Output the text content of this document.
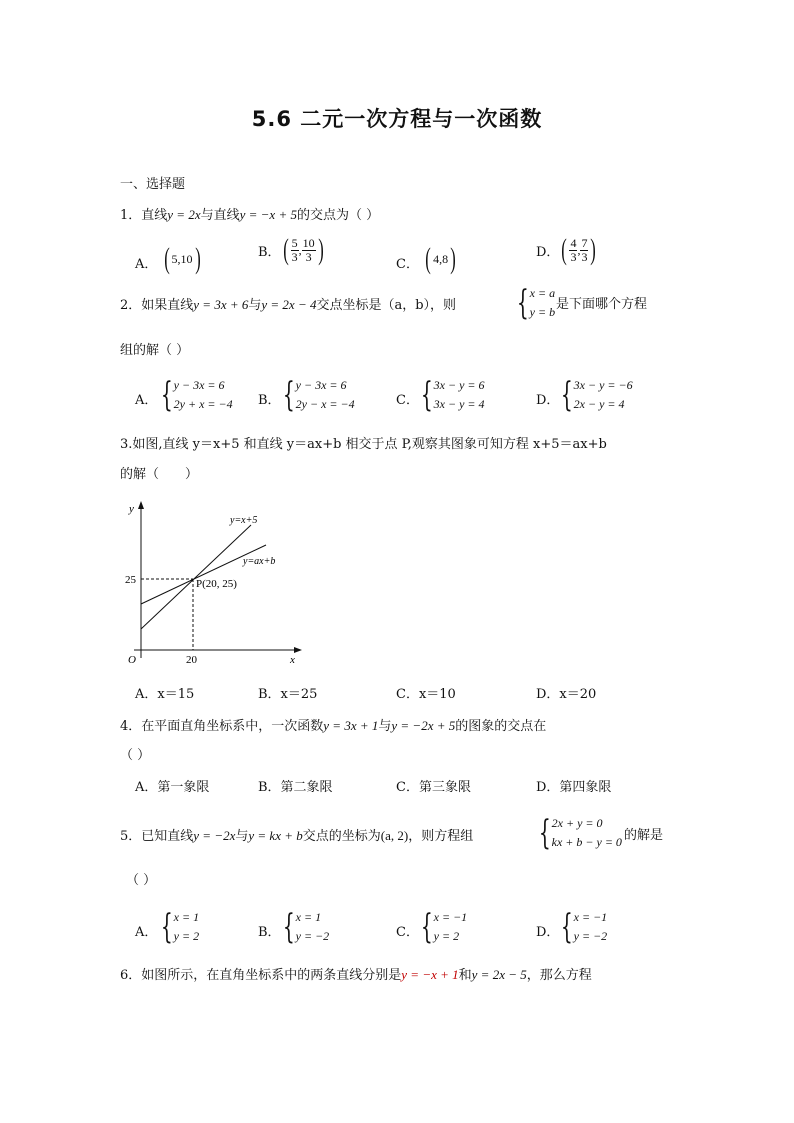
5.6 二元一次方程与一次函数
一、选择题
1．直线y = 2x与直线y = −x + 5的交点为（ ）
A． ( 5,10 )	B． ( $\frac{5}{3}$ , $\frac{10}{3}$ )	C． ( 4,8 )	D． ( $\frac{4}{3}$ , $\frac{7}{3}$ )
2．如果直线y = 3x + 6与y = 2x − 4交点坐标是（a，b），则 { x = a
y = b 是下面哪个方程
组的解（ ）
A． { y − 3x = 6
2y + x = −4 B． { y − 3x = 6
2y − x = −4	C． { 3x − y = 6
3x − y = 4	D． { 3x − y = −6
2x − y = 4
3.如图,直线 y＝x+5 和直线 y＝ax+b 相交于点 P,观察其图象可知方程 x+5＝ax+b
的解（　　）
y
x
O
25
20
y=x+5
y=ax+b
P(20, 25)
A．x＝15	B．x＝25	C．x＝10	D．x＝20
4．在平面直角坐标系中，一次函数y = 3x + 1与y = −2x + 5的图象的交点在
（ ）
A．第一象限	B．第二象限	C．第三象限	D．第四象限
5．已知直线y = −2x与y = kx + b交点的坐标为(a, 2)，则方程组 { 2x + y = 0
kx + b − y = 0 的解是
（ ）
A． { x = 1
y = 2	B． { x = 1
y = −2	C． { x = −1
y = 2	D． { x = −1
y = −2
6．如图所示，在直角坐标系中的两条直线分别是y = −x + 1和y = 2x − 5，那么方程
